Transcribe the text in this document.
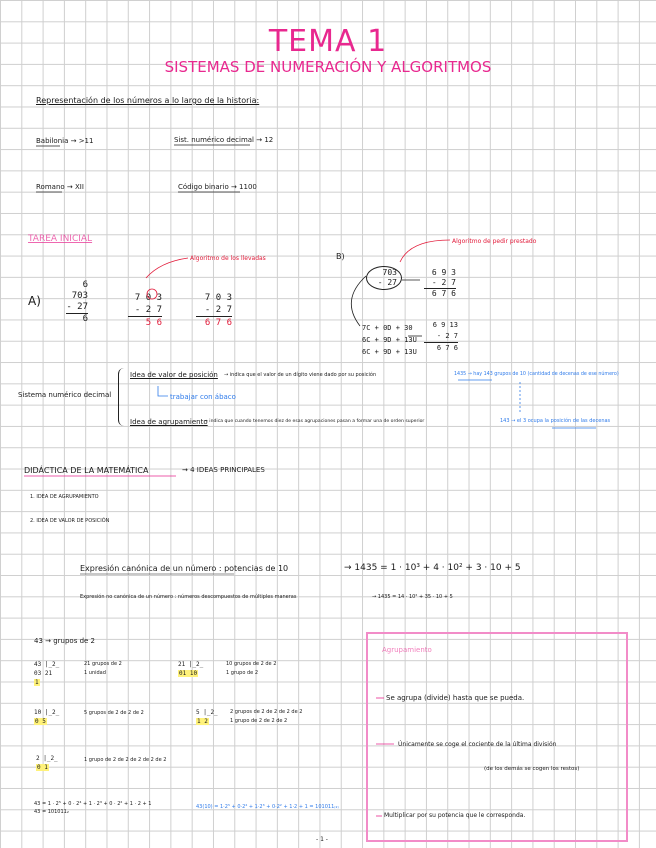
TEMA 1
SISTEMAS DE NUMERACIÓN Y ALGORITMOS
Representación de los números a lo largo de la historia:
Babilonia → >11	Sist. numérico decimal → 12
Romano → XII	Código binario → 1100
TAREA INICIAL
Algoritmo de los llevadas
Algoritmo de pedir prestado
A)
B)
6
703
- 27
6
7 0 3
- 2 7
5 6
7 0 3
- 2 7
6 7 6
703
- 27
6 9 3
- 2 7
6 7 6
7C + 0D + 30
6C + 9D + 13U
6C + 9D + 13U
6 9 13
- 2 7
6 7 6
Sistema numérico decimal
Idea de valor de posición → indica que el valor de un dígito viene dado por su posición
trabajar con ábaco
Idea de agrupamiento
→ indica que cuando tenemos diez de esas agrupaciones pasan a formar una de orden superior
1435 → hay 143 grupos de 10 (cantidad de decenas de ese número)
143 → el 3 ocupa la posición de las decenas
DIDÁCTICA DE LA MATEMÁTICA	→ 4 IDEAS PRINCIPALES
1. IDEA DE AGRUPAMIENTO
2. IDEA DE VALOR DE POSICIÓN
Expresión canónica de un número : potencias de 10	→ 1435 = 1 · 10³ + 4 · 10² + 3 · 10 + 5
Expresión no canónica de un número : números descompuestos de múltiples maneras	→ 1435 = 14 · 10² + 35 · 10 + 5
43 → grupos de 2
43 |_2_
03 21
1
21 grupos de 2
1 unidad
21 |_2_
01 10
10 grupos de 2 de 2
1 grupo de 2
10 |_2_
0 5
5 grupos de 2 de 2 de 2	5 |_2_
1 2
2 grupos de 2 de 2 de 2 de 2
1 grupo de 2 de 2 de 2
2 |_2_
0 1
1 grupo de 2 de 2 de 2 de 2 de 2
43 = 1 · 2⁵ + 0 · 2⁴ + 1 · 2³ + 0 · 2² + 1 · 2 + 1
43 = 101011₂
43(10) = 1·2⁵ + 0·2⁴ + 1·2³ + 0·2² + 1·2 + 1 = 101011₍₂₎
Agrupamiento
Se agrupa (divide) hasta que se pueda.
Únicamente se coge el cociente de la última división
(de los demás se cogen los restos)
Multiplicar por su potencia que le corresponda.
- 1 -
